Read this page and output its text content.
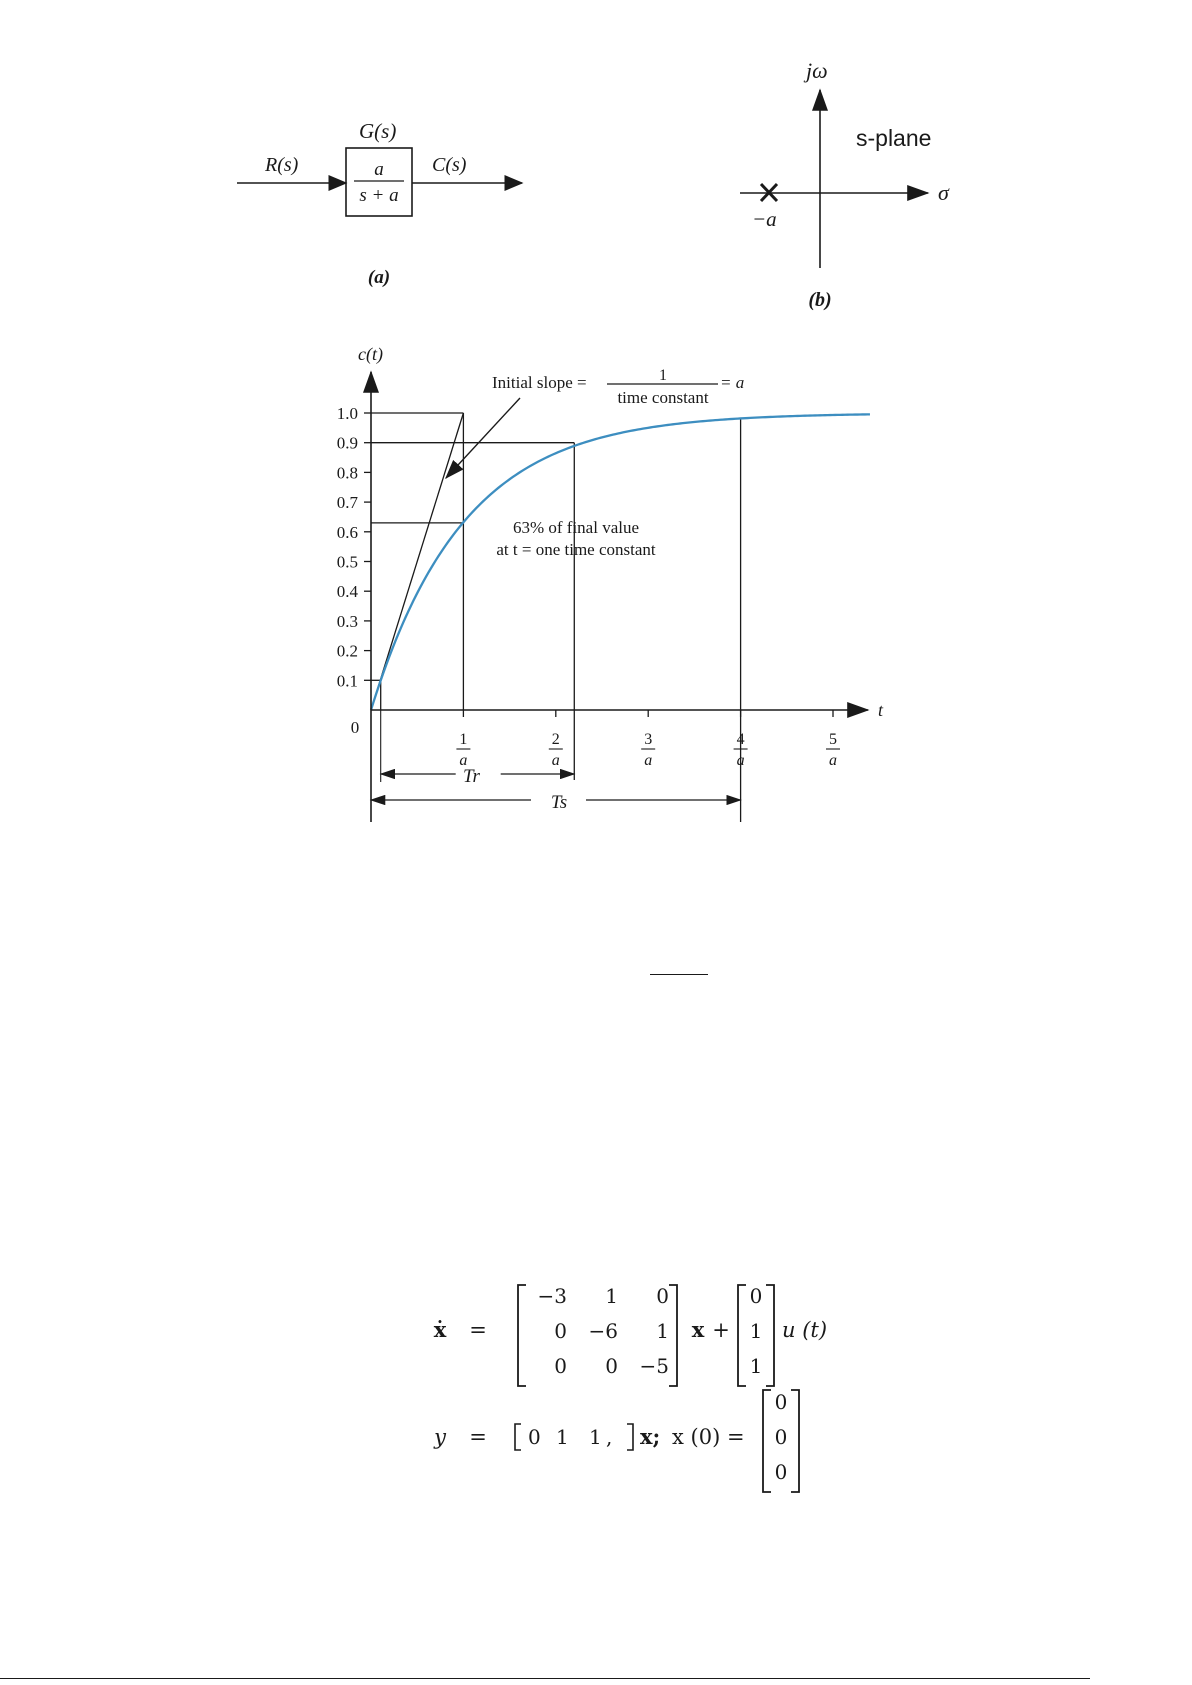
R(s)
G(s)
a
s + a
C(s)
(a)
jω
σ
s-plane
−a
(b)
1.0
0.9
0.8
0.7
0.6
0.5
0.4
0.3
0.2
0.1
1
a
2
a
3
a
4
a
5
a
Tr
Ts
c(t)
t
0
Initial slope =	1
time constant
= a
63% of final value
at t = one time constant
ẋ =
−3 1 0
0 −6 1
0 0 −5
x +
0
1
1
u (t)
y = 0 1 1 , x; x (0) =
0
0
0
